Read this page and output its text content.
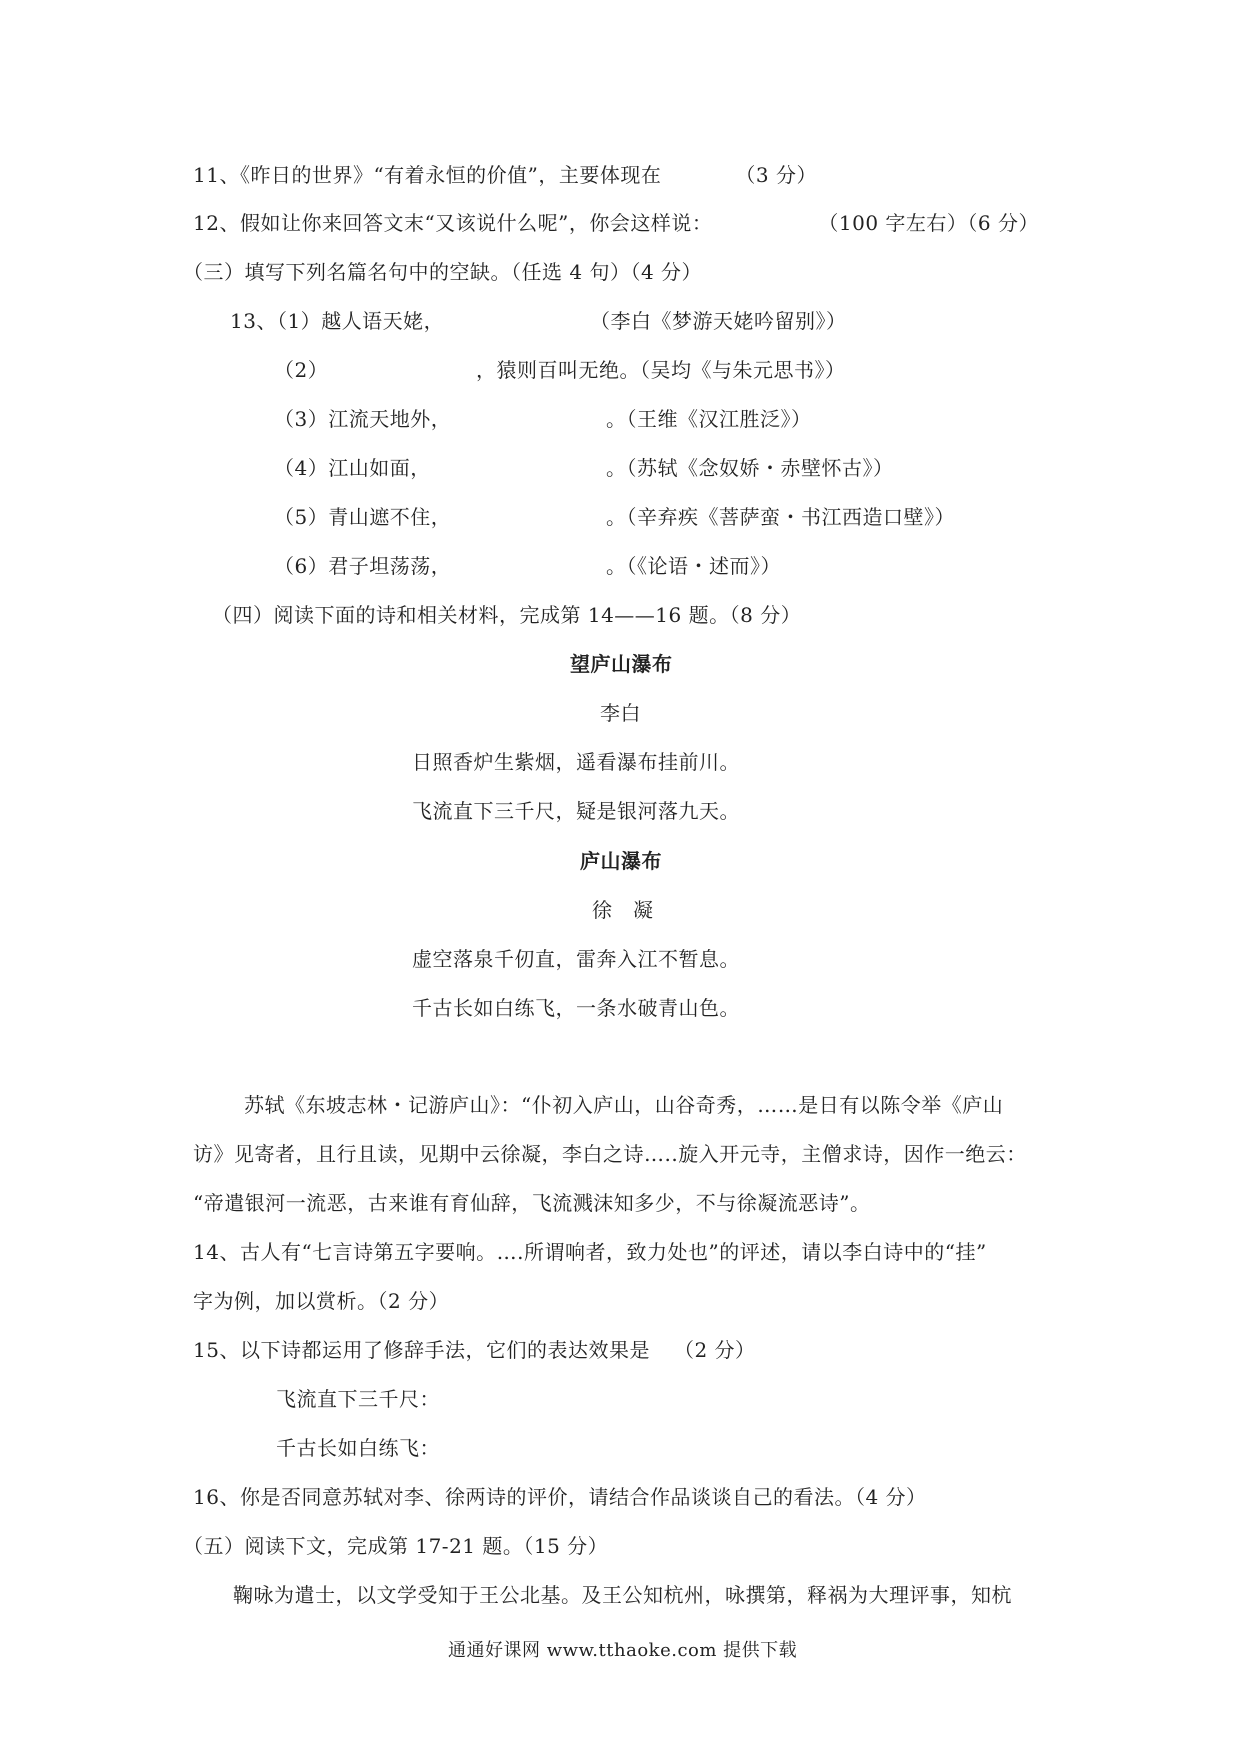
11、《昨日的世界》“有着永恒的价值”，主要体现在	（3 分）
12、假如让你来回答文末“又该说什么呢”，你会这样说：	（100 字左右）（6 分）
（三）填写下列名篇名句中的空缺。（任选 4 句）（4 分）
13、（1）越人语天姥，	（李白《梦游天姥吟留别》）
（2）	，猿则百叫无绝。（吴均《与朱元思书》）
（3）江流天地外，	。（王维《汉江胜泛》）
（4）江山如面，	。（苏轼《念奴娇・赤壁怀古》）
（5）青山遮不住，	。（辛弃疾《菩萨蛮・书江西造口壁》）
（6）君子坦荡荡，	。（《论语・述而》）
（四）阅读下面的诗和相关材料，完成第 14——16 题。（8 分）
望庐山瀑布
李白
日照香炉生紫烟，遥看瀑布挂前川。
飞流直下三千尺，疑是银河落九天。
庐山瀑布
徐　凝
虚空落泉千仞直，雷奔入江不暂息。
千古长如白练飞，一条水破青山色。
苏轼《东坡志林・记游庐山》：“仆初入庐山，山谷奇秀，……是日有以陈令举《庐山
访》见寄者，且行且读，见期中云徐凝，李白之诗…..旋入开元寺，主僧求诗，因作一绝云：
“帝遣银河一流恶，古来谁有育仙辞，飞流溅沫知多少，不与徐凝流恶诗”。
14、古人有“七言诗第五字要响。….所谓响者，致力处也”的评述，请以李白诗中的“挂”
字为例，加以赏析。（2 分）
15、以下诗都运用了修辞手法，它们的表达效果是 （2 分）
飞流直下三千尺：
千古长如白练飞：
16、你是否同意苏轼对李、徐两诗的评价，请结合作品谈谈自己的看法。（4 分）
（五）阅读下文，完成第 17-21 题。（15 分）
鞠咏为遣士，以文学受知于王公北基。及王公知杭州，咏撰第，释祸为大理评事，知杭
通通好课网 www.tthaoke.com 提供下载
